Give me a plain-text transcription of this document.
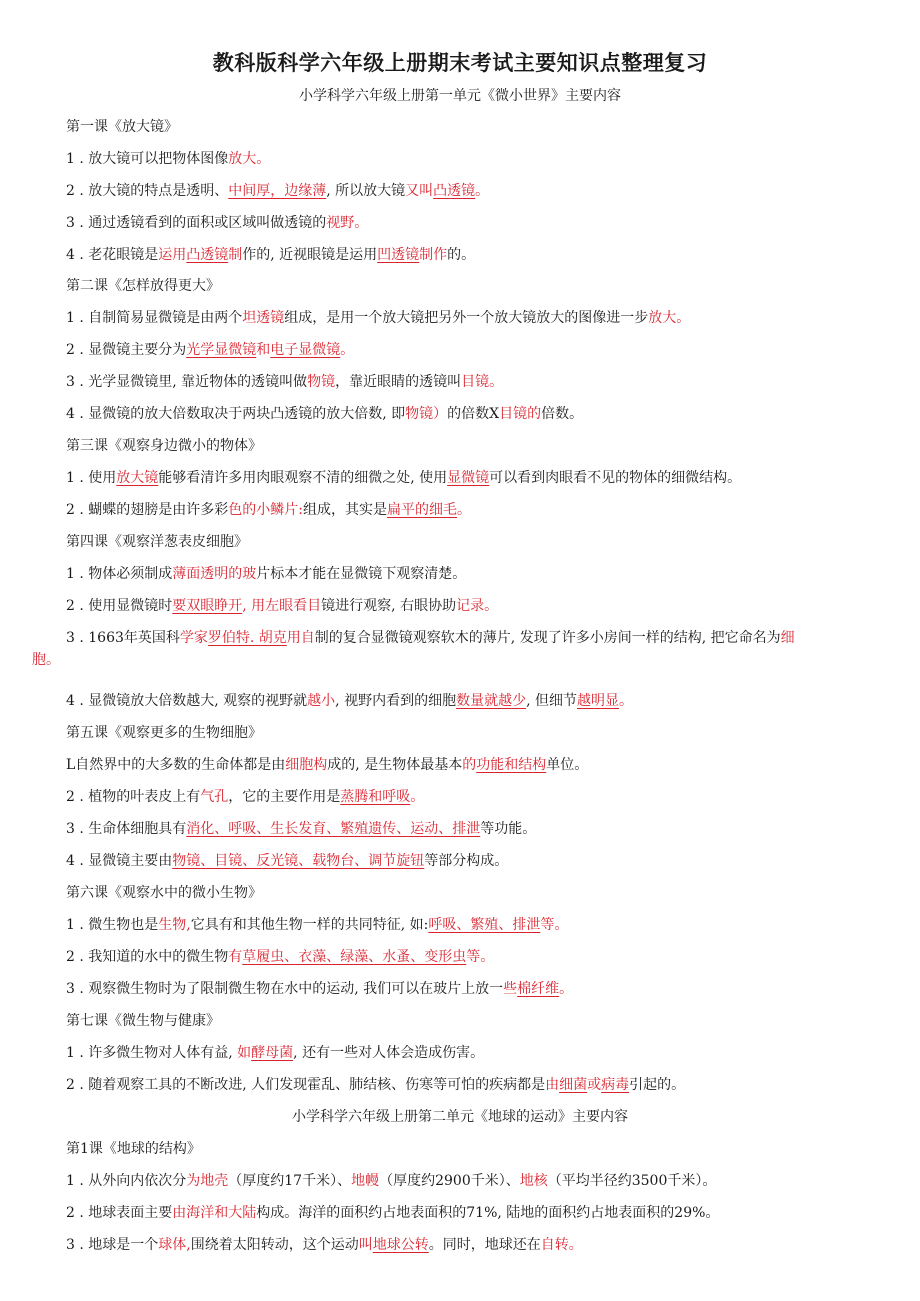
教科版科学六年级上册期末考试主要知识点整理复习
小学科学六年级上册第一单元《微小世界》主要内容
第一课《放大镜》
1 . 放大镜可以把物体图像放大。
2 . 放大镜的特点是透明、中间厚，边缘薄, 所以放大镜又叫凸透镜。
3 . 通过透镜看到的面积或区域叫做透镜的视野。
4 . 老花眼镜是运用凸透镜制作的, 近视眼镜是运用凹透镜制作的。
第二课《怎样放得更大》
1 . 自制简易显微镜是由两个坦透镜组成，是用一个放大镜把另外一个放大镜放大的图像进一步放大。
2 . 显微镜主要分为光学显微镜和电子显微镜。
3 . 光学显微镜里, 靠近物体的透镜叫做物镜，靠近眼睛的透镜叫目镜。
4 . 显微镜的放大倍数取决于两块凸透镜的放大倍数, 即物镜）的倍数X目镜的倍数。
第三课《观察身边微小的物体》
1 . 使用放大镜能够看清许多用肉眼观察不清的细微之处, 使用显微镜可以看到肉眼看不见的物体的细微结构。
2 . 蝴蝶的翅膀是由许多彩色的小鳞片:组成，其实是扁平的细毛。
第四课《观察洋葱表皮细胞》
1 . 物体必须制成薄面透明的玻片标本才能在显微镜下观察清楚。
2 . 使用显微镜时要双眼睁开, 用左眼看目镜进行观察, 右眼协助记录。
3 . 1663年英国科学家罗伯特. 胡克用自制的复合显微镜观察软木的薄片, 发现了许多小房间一样的结构, 把它命名为细
胞。
4 . 显微镜放大倍数越大, 观察的视野就越小, 视野内看到的细胞数量就越少, 但细节越明显。
第五课《观察更多的生物细胞》
L自然界中的大多数的生命体都是由细胞构成的, 是生物体最基本的功能和结构单位。
2 . 植物的叶表皮上有气孔，它的主要作用是蒸腾和呼吸。
3 . 生命体细胞具有消化、呼吸、生长发育、繁殖遗传、运动、排泄等功能。
4 . 显微镜主要由物镜、目镜、反光镜、载物台、调节旋钮等部分构成。
第六课《观察水中的微小生物》
1 . 微生物也是生物,它具有和其他生物一样的共同特征, 如:呼吸、繁殖、排泄等。
2 . 我知道的水中的微生物有草履虫、衣藻、绿藻、水蚤、变形虫等。
3 . 观察微生物时为了限制微生物在水中的运动, 我们可以在玻片上放一些棉纤维。
第七课《微生物与健康》
1 . 许多微生物对人体有益, 如酵母菌, 还有一些对人体会造成伤害。
2 . 随着观察工具的不断改进, 人们发现霍乱、肺结核、伤寒等可怕的疾病都是由细菌或病毒引起的。
小学科学六年级上册第二单元《地球的运动》主要内容
第1课《地球的结构》
1 . 从外向内依次分为地壳（厚度约17千米）、地幔（厚度约2900千米）、地核（平均半径约3500千米）。
2 . 地球表面主要由海洋和大陆构成。海洋的面积约占地表面积的71%, 陆地的面积约占地表面积的29%。
3 . 地球是一个球体,围绕着太阳转动，这个运动叫地球公转。同时，地球还在自转。
